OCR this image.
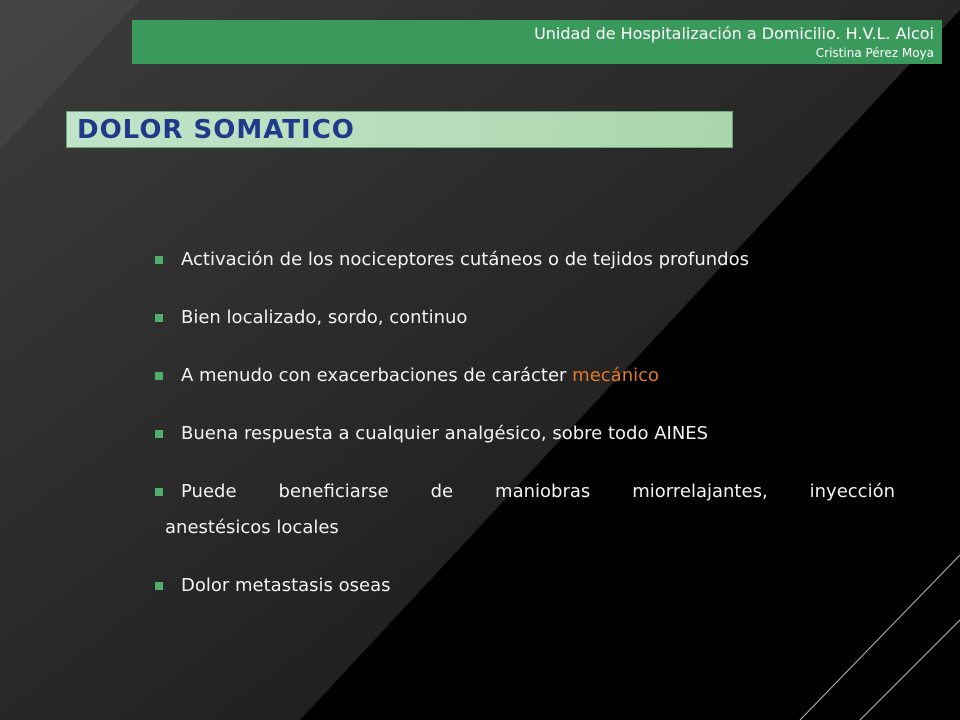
Unidad de Hospitalización a Domicilio. H.V.L. Alcoi
Cristina Pérez Moya
DOLOR SOMATICO
Activación de los nociceptores cutáneos o de tejidos profundos
Bien localizado, sordo, continuo
A menudo con exacerbaciones de carácter mecánico
Buena respuesta a cualquier analgésico, sobre todo AINES
Puede beneficiarse de maniobras miorrelajantes, inyección
anestésicos locales
Dolor metastasis oseas
